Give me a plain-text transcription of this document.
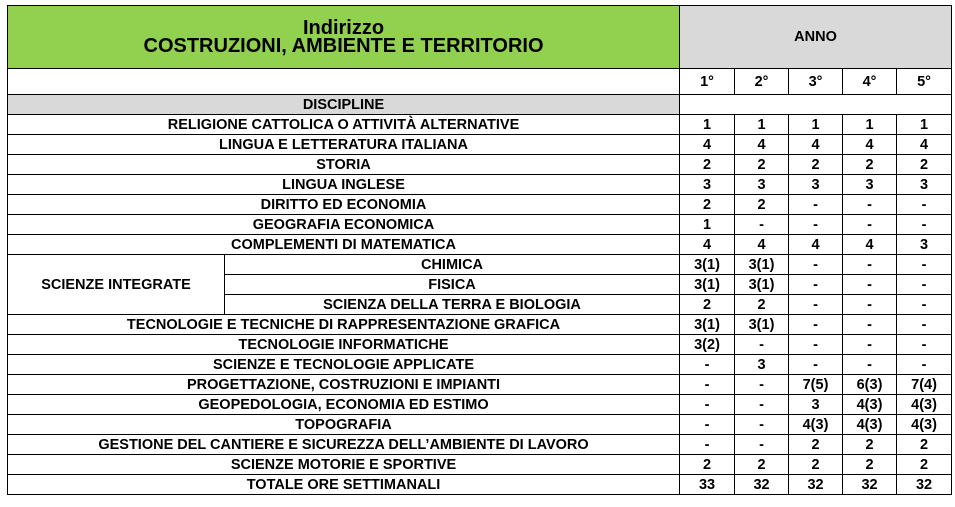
Indirizzo
COSTRUZIONI, AMBIENTE E TERRITORIO		ANNO				

		1°	2°	3°	4°	5°
DISCIPLINE						
RELIGIONE CATTOLICA O ATTIVITÀ ALTERNATIVE		1	1	1	1	1
LINGUA E LETTERATURA ITALIANA		4	4	4	4	4
STORIA		2	2	2	2	2
LINGUA INGLESE		3	3	3	3	3
DIRITTO ED ECONOMIA		2	2	-	-	-
GEOGRAFIA ECONOMICA		1	-	-	-	-
COMPLEMENTI DI MATEMATICA		4	4	4	4	3
SCIENZE INTEGRATE	CHIMICA	3(1)	3(1)	-	-	-
	FISICA	3(1)	3(1)	-	-	-
	SCIENZA DELLA TERRA E BIOLOGIA	2	2	-	-	-
TECNOLOGIE E TECNICHE DI RAPPRESENTAZIONE GRAFICA		3(1)	3(1)	-	-	-
TECNOLOGIE INFORMATICHE		3(2)	-	-	-	-
SCIENZE E TECNOLOGIE APPLICATE		-	3	-	-	-
PROGETTAZIONE, COSTRUZIONI E IMPIANTI		-	-	7(5)	6(3)	7(4)
GEOPEDOLOGIA, ECONOMIA ED ESTIMO		-	-	3	4(3)	4(3)
TOPOGRAFIA		-	-	4(3)	4(3)	4(3)
GESTIONE DEL CANTIERE E SICUREZZA DELL’AMBIENTE DI LAVORO		-	-	2	2	2
SCIENZE MOTORIE E SPORTIVE		2	2	2	2	2
TOTALE ORE SETTIMANALI		33	32	32	32	32
